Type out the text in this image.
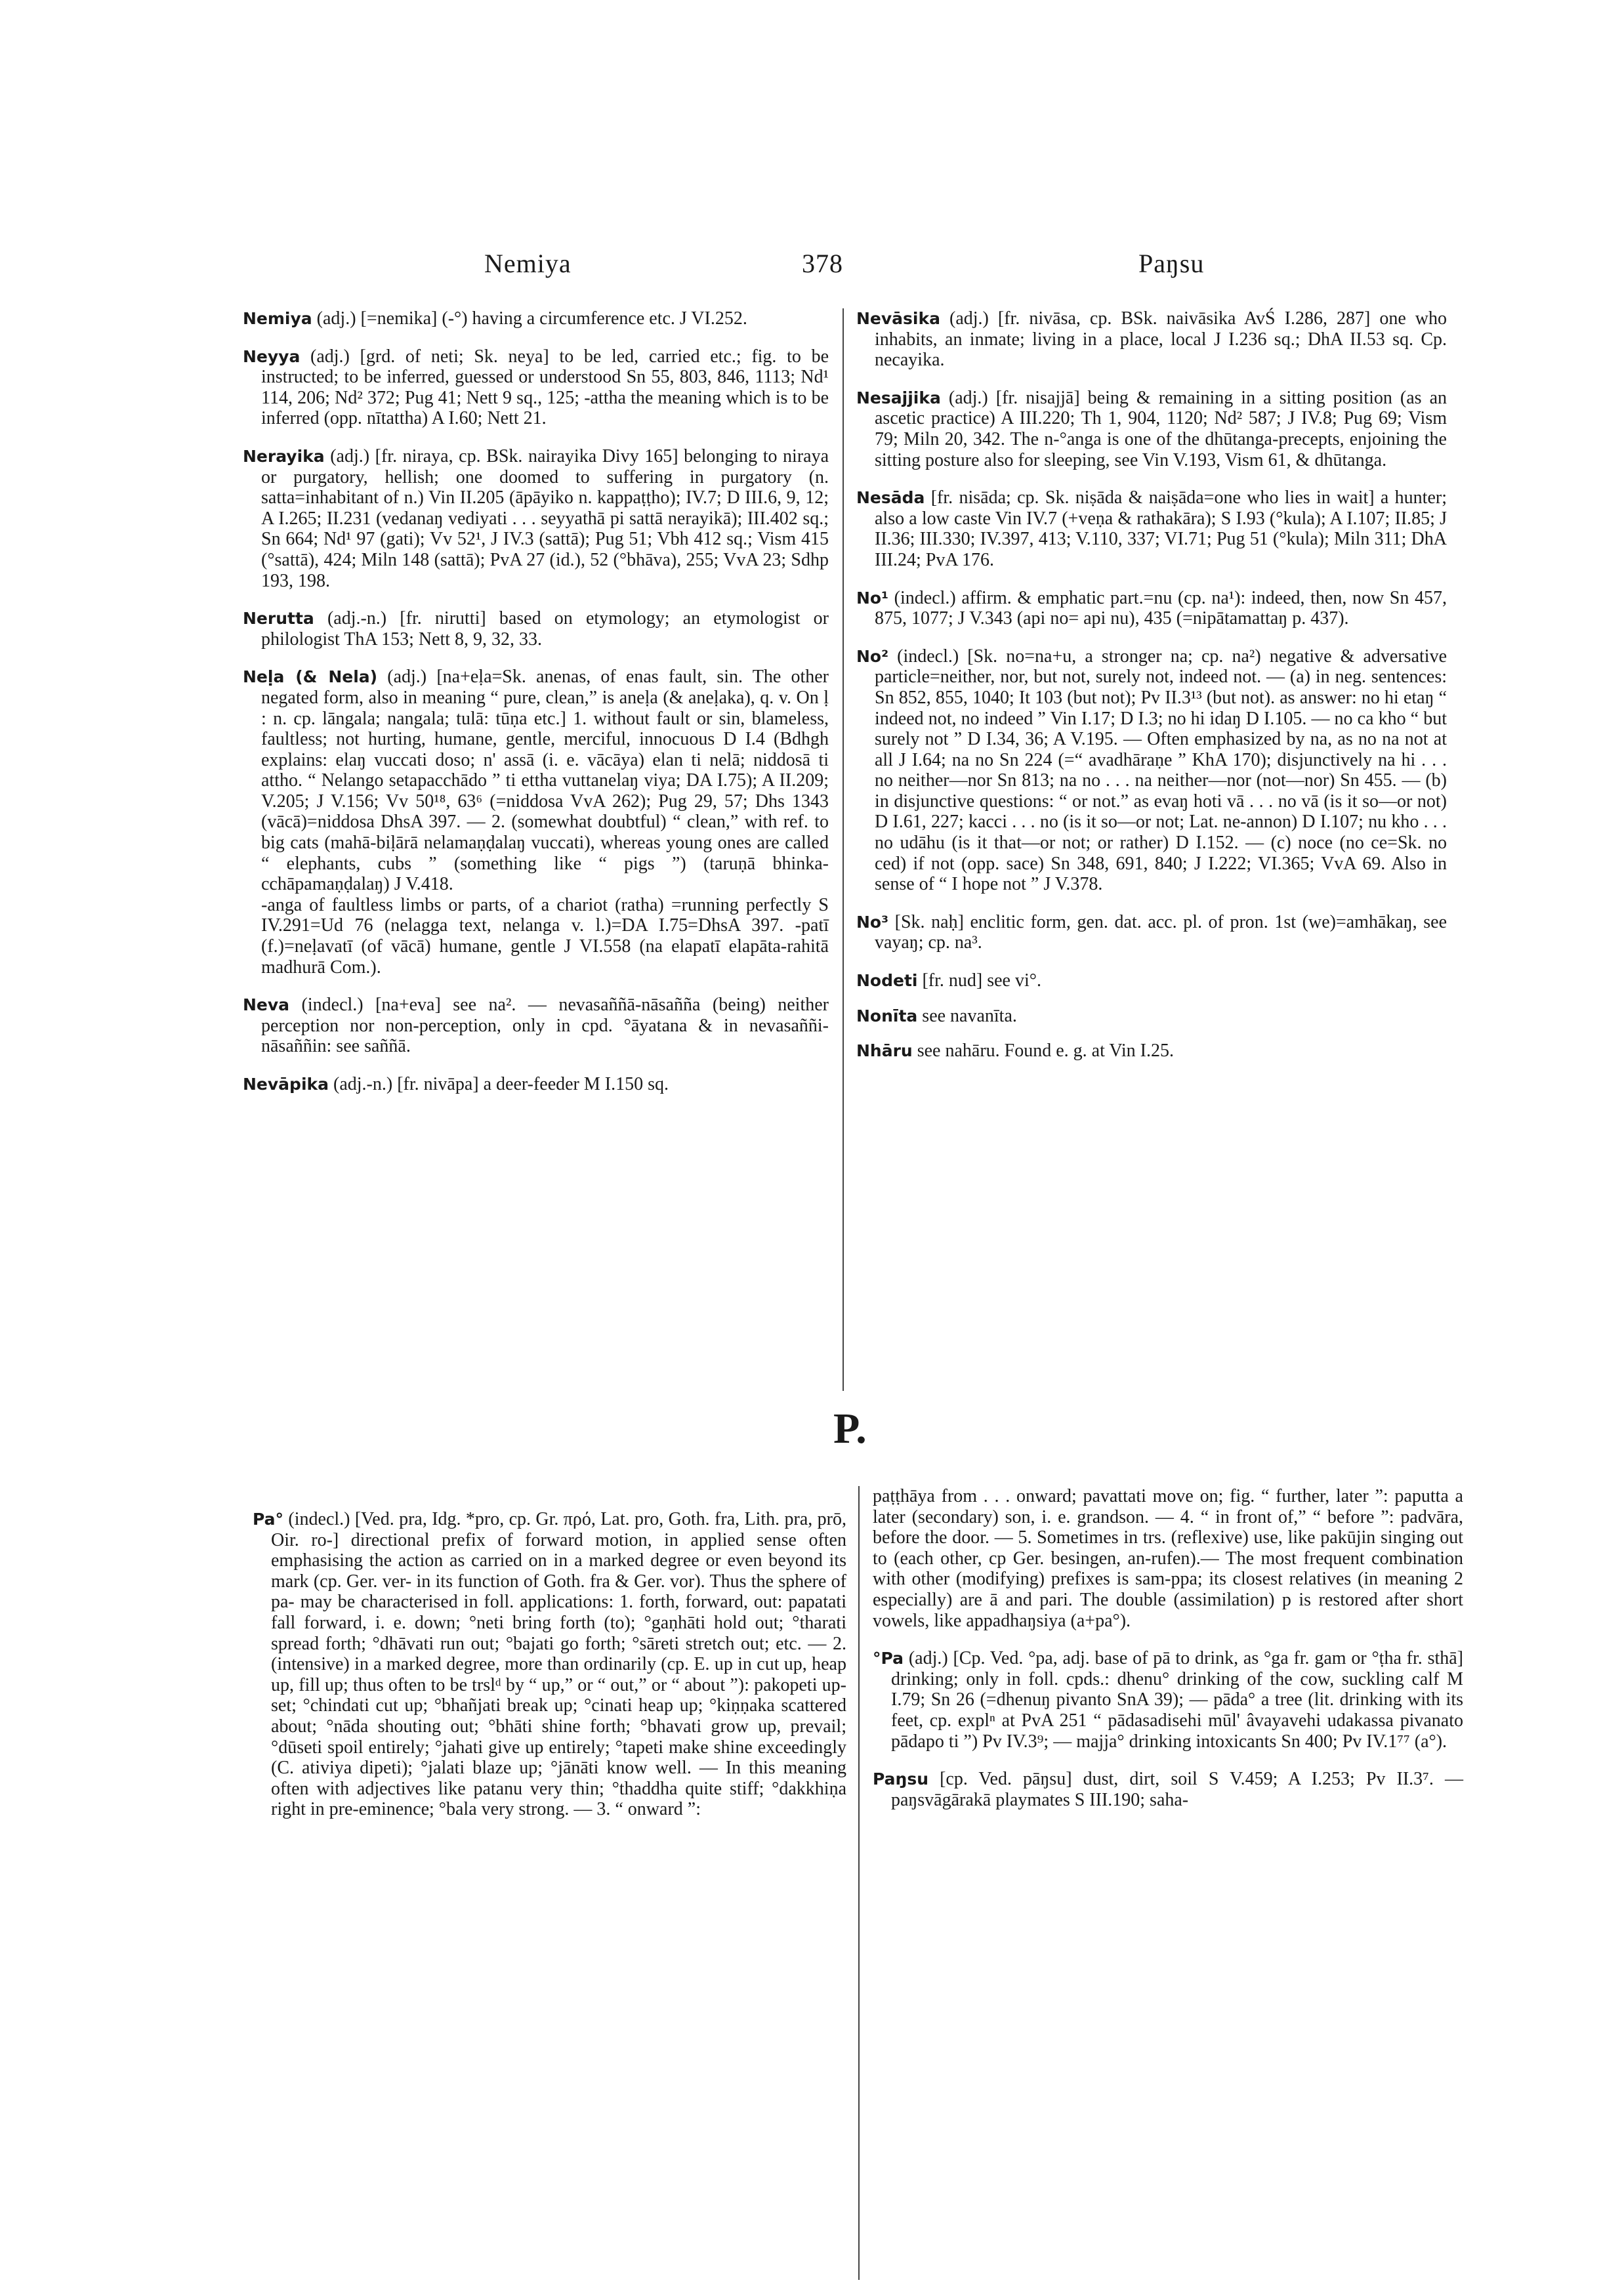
Nemiya	378	Paŋsu
Nemiya (adj.) [=nemika] (-°) having a circumference etc. J VI.252.
Neyya (adj.) [grd. of neti; Sk. neya] to be led, carried etc.; fig. to be instructed; to be inferred, guessed or understood Sn 55, 803, 846, 1113; Nd¹ 114, 206; Nd² 372; Pug 41; Nett 9 sq., 125; -attha the meaning which is to be inferred (opp. nītattha) A I.60; Nett 21.
Nerayika (adj.) [fr. niraya, cp. BSk. nairayika Divy 165] belonging to niraya or purgatory, hellish; one doomed to suffering in purgatory (n. satta=inhabitant of n.) Vin II.205 (āpāyiko n. kappaṭṭho); IV.7; D III.6, 9, 12; A I.265; II.231 (vedanaŋ vediyati . . . seyyathā pi sattā nerayikā); III.402 sq.; Sn 664; Nd¹ 97 (gati); Vv 52¹, J IV.3 (sattā); Pug 51; Vbh 412 sq.; Vism 415 (°sattā), 424; Miln 148 (sattā); PvA 27 (id.), 52 (°bhāva), 255; VvA 23; Sdhp 193, 198.
Nerutta (adj.-n.) [fr. nirutti] based on etymology; an etymologist or philologist ThA 153; Nett 8, 9, 32, 33.
Neḷa (& Nela) (adj.) [na+eḷa=Sk. anenas, of enas fault, sin. The other negated form, also in meaning “ pure, clean,” is aneḷa (& aneḷaka), q. v. On ḷ : n. cp. lāngala; nangala; tulā: tūṇa etc.] 1. without fault or sin, blameless, faultless; not hurting, humane, gentle, merciful, innocuous D I.4 (Bdhgh explains: elaŋ vuccati doso; n' assā (i. e. vācāya) elan ti nelā; niddosā ti attho. “ Nelango setapacchādo ” ti ettha vuttanelaŋ viya; DA I.75); A II.209; V.205; J V.156; Vv 50¹⁸, 63⁶ (=niddosa VvA 262); Pug 29, 57; Dhs 1343 (vācā)=niddosa DhsA 397. — 2. (somewhat doubtful) “ clean,” with ref. to big cats (mahā-biḷārā nelamaṇḍalaŋ vuccati), whereas young ones are called “ elephants, cubs ” (something like “ pigs ”) (taruṇā bhinka-cchāpamaṇḍalaŋ) J V.418.

-anga of faultless limbs or parts, of a chariot (ratha) =running perfectly S IV.291=Ud 76 (nelagga text, nelanga v. l.)=DA I.75=DhsA 397. -patī (f.)=neḷavatī (of vācā) humane, gentle J VI.558 (na elapatī elapāta-rahitā madhurā Com.).

Neva (indecl.) [na+eva] see na². — nevasaññā-nāsañña (being) neither perception nor non-perception, only in cpd. °āyatana & in nevasaññi-nāsaññin: see saññā.
Nevāpika (adj.-n.) [fr. nivāpa] a deer-feeder M I.150 sq.
Nevāsika (adj.) [fr. nivāsa, cp. BSk. naivāsika AvŚ I.286, 287] one who inhabits, an inmate; living in a place, local J I.236 sq.; DhA II.53 sq. Cp. necayika.
Nesajjika (adj.) [fr. nisajjā] being & remaining in a sitting position (as an ascetic practice) A III.220; Th 1, 904, 1120; Nd² 587; J IV.8; Pug 69; Vism 79; Miln 20, 342. The n-°anga is one of the dhūtanga-precepts, enjoining the sitting posture also for sleeping, see Vin V.193, Vism 61, & dhūtanga.
Nesāda [fr. nisāda; cp. Sk. niṣāda & naiṣāda=one who lies in wait] a hunter; also a low caste Vin IV.7 (+veṇa & rathakāra); S I.93 (°kula); A I.107; II.85; J II.36; III.330; IV.397, 413; V.110, 337; VI.71; Pug 51 (°kula); Miln 311; DhA III.24; PvA 176.
No¹ (indecl.) affirm. & emphatic part.=nu (cp. na¹): indeed, then, now Sn 457, 875, 1077; J V.343 (api no= api nu), 435 (=nipātamattaŋ p. 437).
No² (indecl.) [Sk. no=na+u, a stronger na; cp. na²) negative & adversative particle=neither, nor, but not, surely not, indeed not. — (a) in neg. sentences: Sn 852, 855, 1040; It 103 (but not); Pv II.3¹³ (but not). as answer: no hi etaŋ “ indeed not, no indeed ” Vin I.17; D I.3; no hi idaŋ D I.105. — no ca kho “ but surely not ” D I.34, 36; A V.195. — Often emphasized by na, as no na not at all J I.64; na no Sn 224 (=“ avadhāraṇe ” KhA 170); disjunctively na hi . . . no neither—nor Sn 813; na no . . . na neither—nor (not—nor) Sn 455. — (b) in disjunctive questions: “ or not.” as evaŋ hoti vā . . . no vā (is it so—or not) D I.61, 227; kacci . . . no (is it so—or not; Lat. ne-annon) D I.107; nu kho . . . no udāhu (is it that—or not; or rather) D I.152. — (c) noce (no ce=Sk. no ced) if not (opp. sace) Sn 348, 691, 840; J I.222; VI.365; VvA 69. Also in sense of “ I hope not ” J V.378.
No³ [Sk. naḥ] enclitic form, gen. dat. acc. pl. of pron. 1st (we)=amhākaŋ, see vayaŋ; cp. na³.
Nodeti [fr. nud] see vi°.
Nonīta see navanīta.
Nhāru see nahāru. Found e. g. at Vin I.25.
P.
Pa° (indecl.) [Ved. pra, Idg. *pro, cp. Gr. πρό, Lat. pro, Goth. fra, Lith. pra, prō, Oir. ro-] directional prefix of forward motion, in applied sense often emphasising the action as carried on in a marked degree or even beyond its mark (cp. Ger. ver- in its function of Goth. fra & Ger. vor). Thus the sphere of pa- may be characterised in foll. applications: 1. forth, forward, out: papatati fall forward, i. e. down; °neti bring forth (to); °gaṇhāti hold out; °tharati spread forth; °dhāvati run out; °bajati go forth; °sāreti stretch out; etc. — 2. (intensive) in a marked degree, more than ordinarily (cp. E. up in cut up, heap up, fill up; thus often to be trslᵈ by “ up,” or “ out,” or “ about ”): pakopeti up-set; °chindati cut up; °bhañjati break up; °cinati heap up; °kiṇṇaka scattered about; °nāda shouting out; °bhāti shine forth; °bhavati grow up, prevail; °dūseti spoil entirely; °jahati give up entirely; °tapeti make shine exceedingly (C. ativiya dipeti); °jalati blaze up; °jānāti know well. — In this meaning often with adjectives like patanu very thin; °thaddha quite stiff; °dakkhiṇa right in pre-eminence; °bala very strong. — 3. “ onward ”:
paṭṭhāya from . . . onward; pavattati move on; fig. “ further, later ”: paputta a later (secondary) son, i. e. grandson. — 4. “ in front of,” “ before ”: padvāra, before the door. — 5. Sometimes in trs. (reflexive) use, like pakūjin singing out to (each other, cp Ger. besingen, an-rufen).— The most frequent combination with other (modifying) prefixes is sam-ppa; its closest relatives (in meaning 2 especially) are ā and pari. The double (assimilation) p is restored after short vowels, like appadhaŋsiya (a+pa°).
°Pa (adj.) [Cp. Ved. °pa, adj. base of pā to drink, as °ga fr. gam or °ṭha fr. sthā] drinking; only in foll. cpds.: dhenu° drinking of the cow, suckling calf M I.79; Sn 26 (=dhenuŋ pivanto SnA 39); — pāda° a tree (lit. drinking with its feet, cp. explⁿ at PvA 251 “ pādasadisehi mūl' âvayavehi udakassa pivanato pādapo ti ”) Pv IV.3⁹; — majja° drinking intoxicants Sn 400; Pv IV.1⁷⁷ (a°).
Paŋsu [cp. Ved. pāŋsu] dust, dirt, soil S V.459; A I.253; Pv II.3⁷. — paŋsvāgārakā playmates S III.190; saha-
